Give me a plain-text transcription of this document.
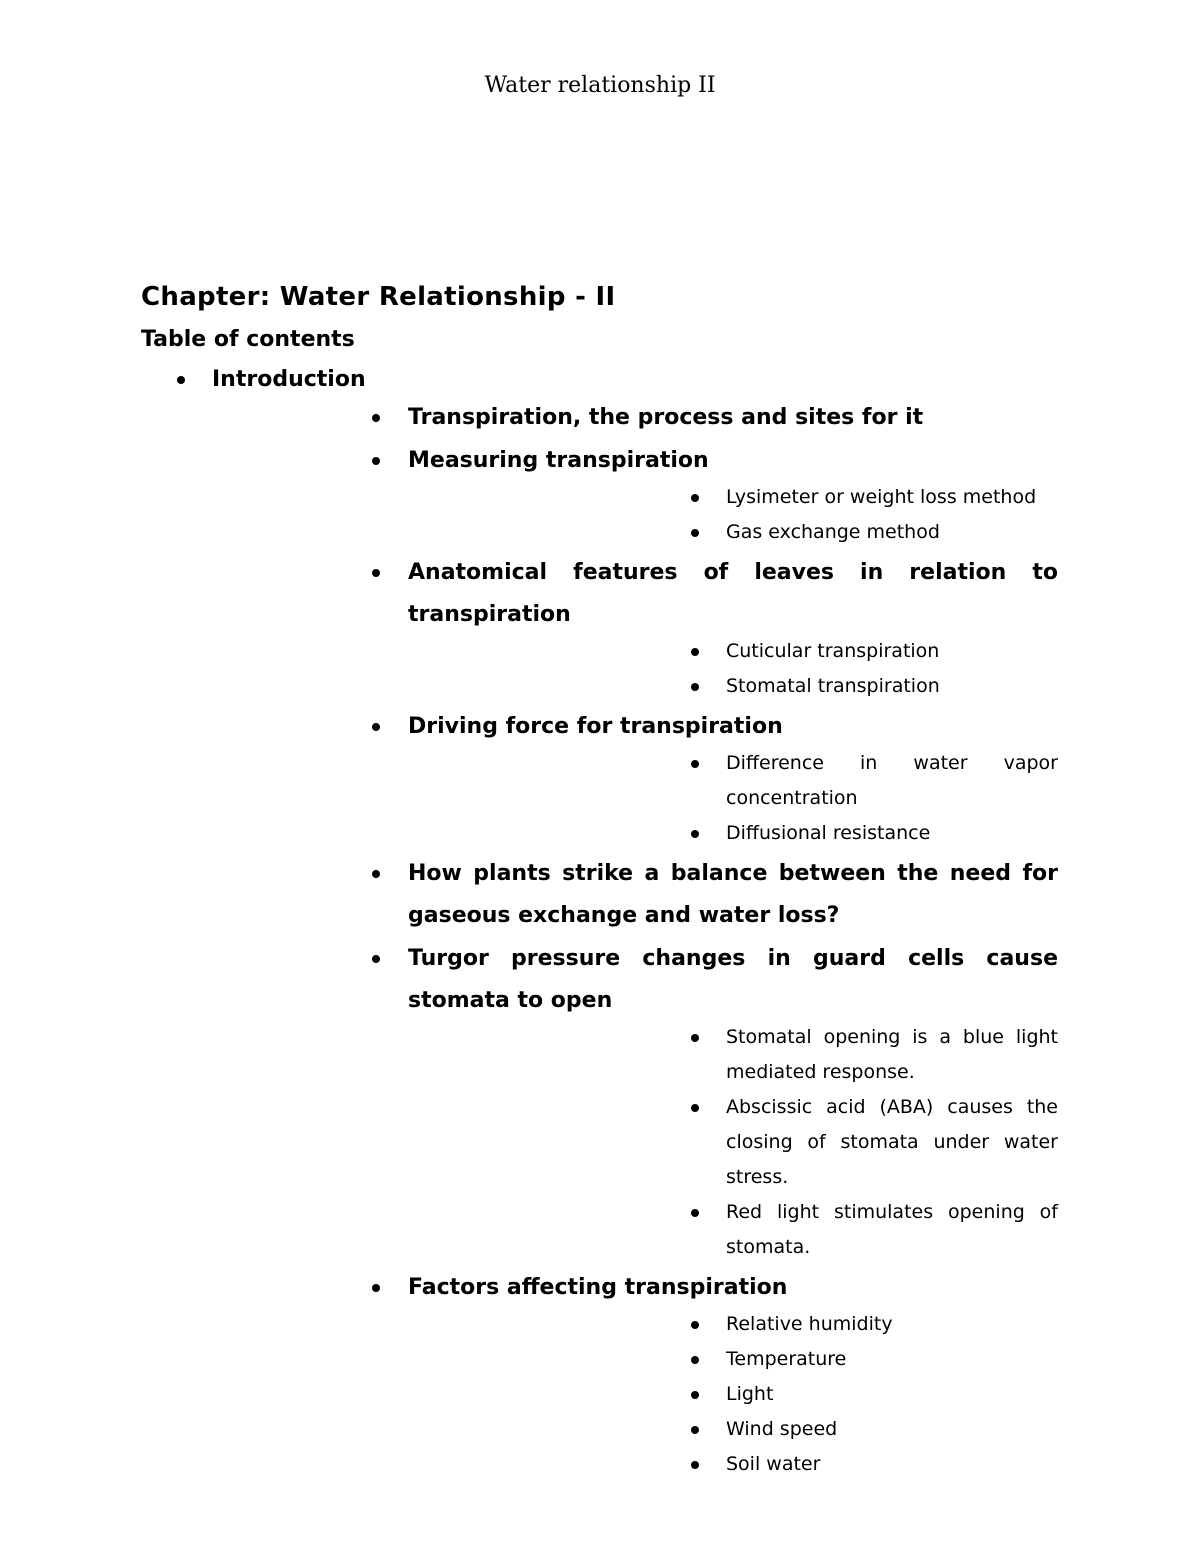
Water relationship II
Chapter: Water Relationship - II
Table of contents
Introduction
Transpiration, the process and sites for it
Measuring transpiration
Lysimeter or weight loss method
Gas exchange method
Anatomical features of leaves in relation to transpiration
Cuticular transpiration
Stomatal transpiration
Driving force for transpiration
Difference in water vapor concentration
Diffusional resistance
How plants strike a balance between the need for gaseous exchange and water loss?
Turgor pressure changes in guard cells cause stomata to open
Stomatal opening is a blue light mediated response.
Abscissic acid (ABA) causes the closing of stomata under water stress.
Red light stimulates opening of stomata.
Factors affecting transpiration
Relative humidity
Temperature
Light
Wind speed
Soil water
